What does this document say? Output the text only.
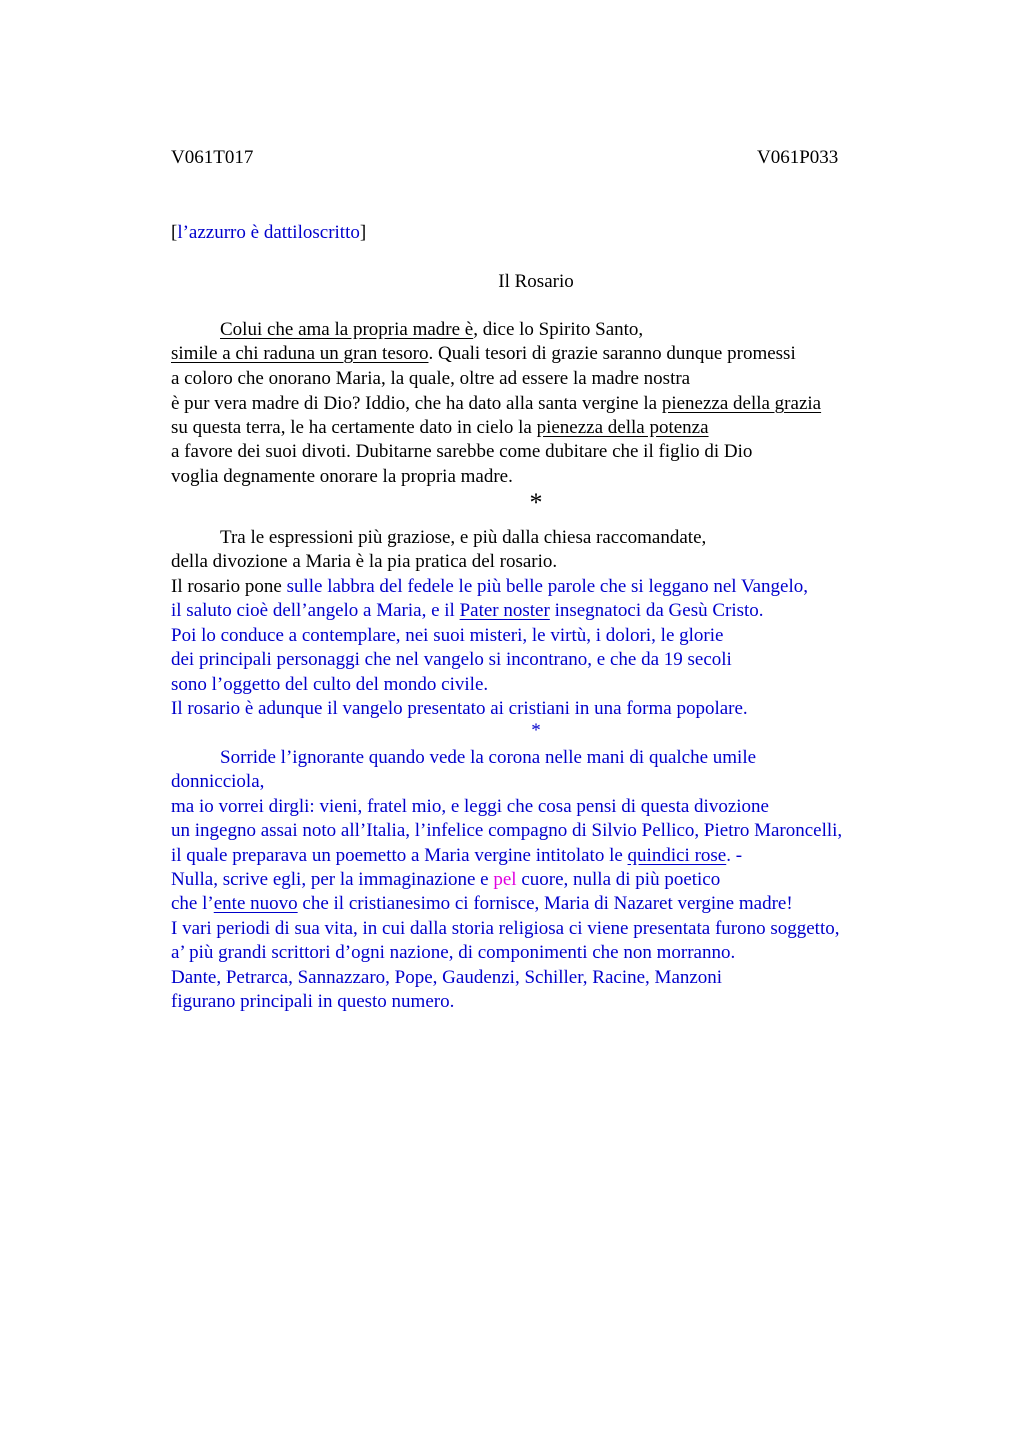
V061T017	V061P033
[l’azzurro è dattiloscritto]
Il Rosario
Colui che ama la propria madre è, dice lo Spirito Santo,
simile a chi raduna un gran tesoro. Quali tesori di grazie saranno dunque promessi
a coloro che onorano Maria, la quale, oltre ad essere la madre nostra
è pur vera madre di Dio? Iddio, che ha dato alla santa vergine la pienezza della grazia
su questa terra, le ha certamente dato in cielo la pienezza della potenza
a favore dei suoi divoti. Dubitarne sarebbe come dubitare che il figlio di Dio
voglia degnamente onorare la propria madre.
*
Tra le espressioni più graziose, e più dalla chiesa raccomandate,
della divozione a Maria è la pia pratica del rosario.
Il rosario pone sulle labbra del fedele le più belle parole che si leggano nel Vangelo,
il saluto cioè dell’angelo a Maria, e il Pater noster insegnatoci da Gesù Cristo.
Poi lo conduce a contemplare, nei suoi misteri, le virtù, i dolori, le glorie
dei principali personaggi che nel vangelo si incontrano, e che da 19 secoli
sono l’oggetto del culto del mondo civile.
Il rosario è adunque il vangelo presentato ai cristiani in una forma popolare.
*
Sorride l’ignorante quando vede la corona nelle mani di qualche umile
donnicciola,
ma io vorrei dirgli: vieni, fratel mio, e leggi che cosa pensi di questa divozione
un ingegno assai noto all’Italia, l’infelice compagno di Silvio Pellico, Pietro Maroncelli,
il quale preparava un poemetto a Maria vergine intitolato le quindici rose. -
Nulla, scrive egli, per la immaginazione e pel cuore, nulla di più poetico
che l’ente nuovo che il cristianesimo ci fornisce, Maria di Nazaret vergine madre!
I vari periodi di sua vita, in cui dalla storia religiosa ci viene presentata furono soggetto,
a’ più grandi scrittori d’ogni nazione, di componimenti che non morranno.
Dante, Petrarca, Sannazzaro, Pope, Gaudenzi, Schiller, Racine, Manzoni
figurano principali in questo numero.
